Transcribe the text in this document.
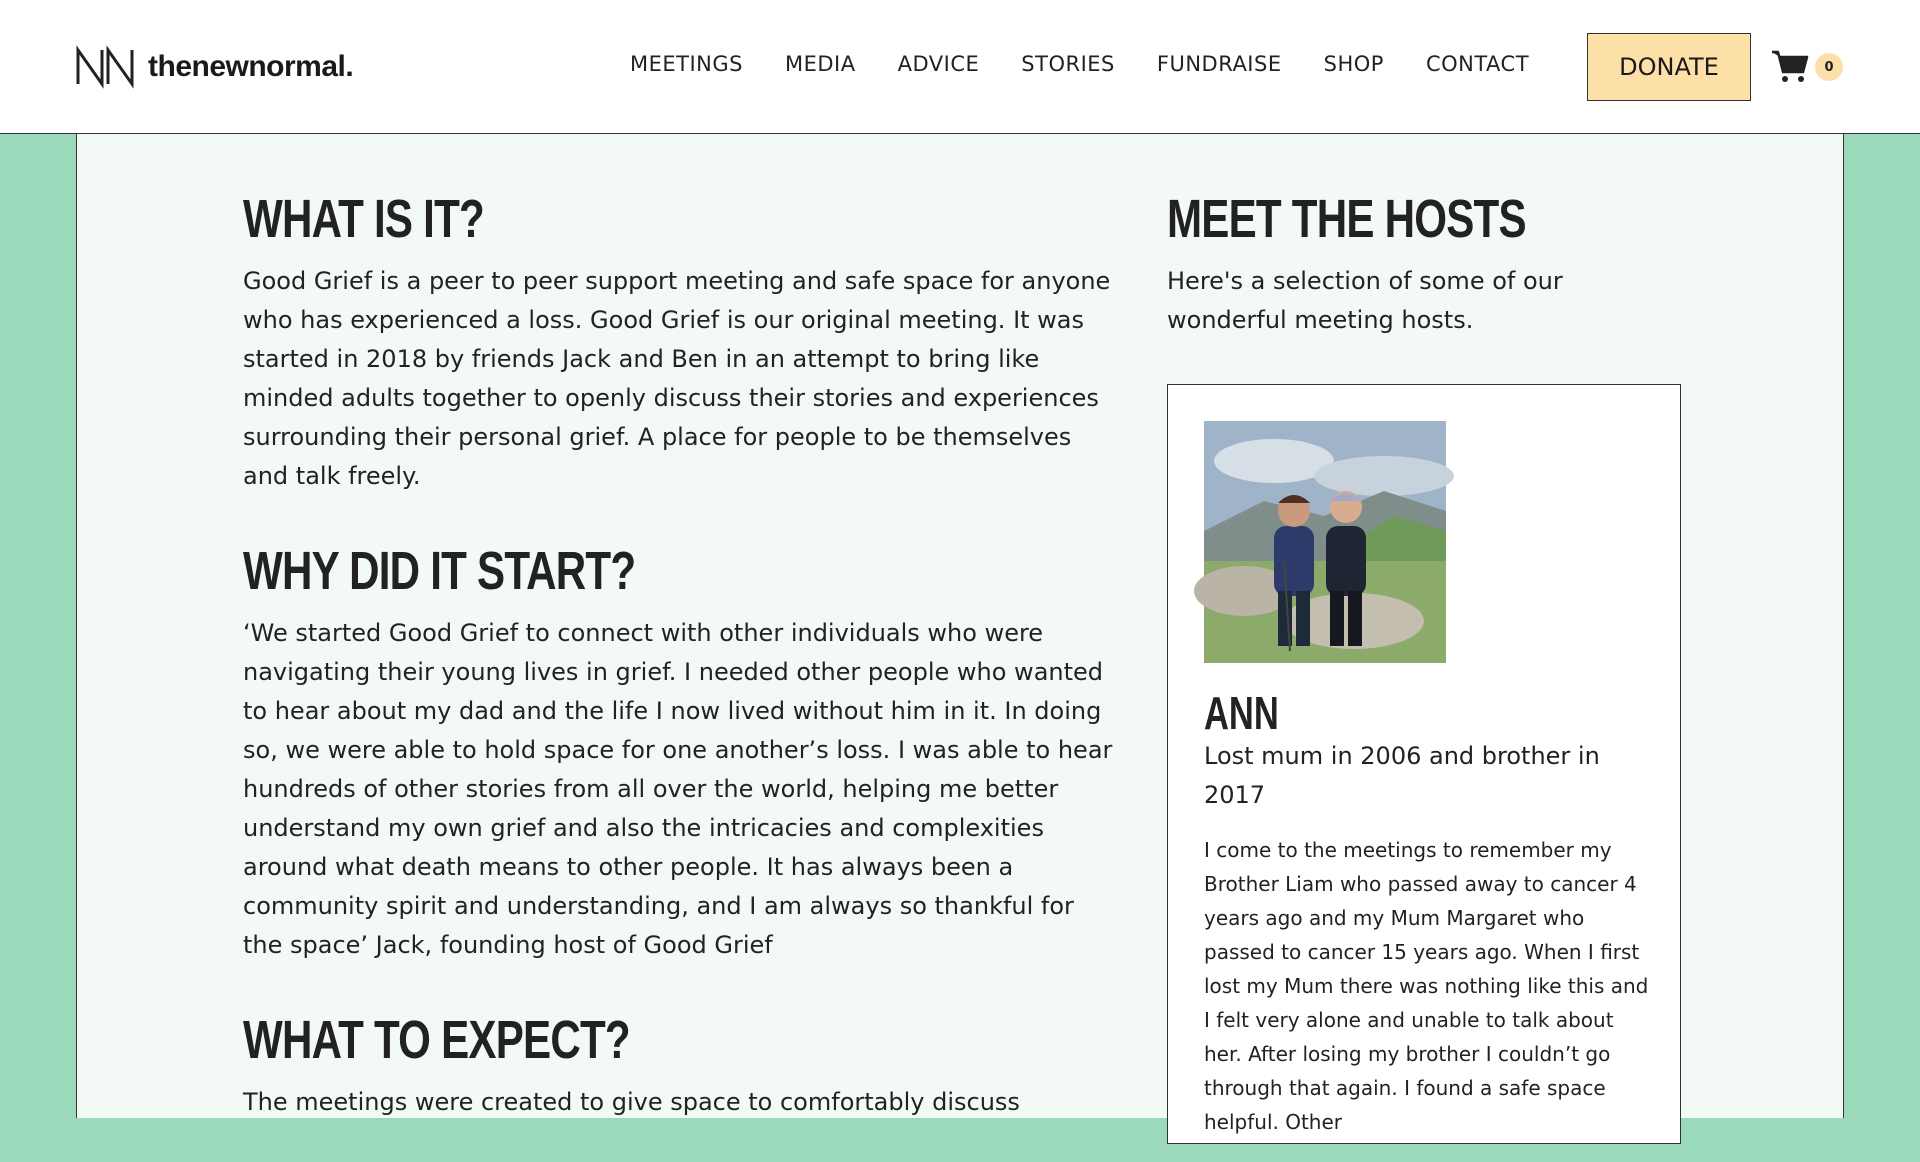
thenewnormal.	MEETINGS MEDIA ADVICE STORIES FUNDRAISE SHOP CONTACT	DONATE	0
WHAT IS IT?

Good Grief is a peer to peer support meeting and safe space for anyone who has experienced a loss. Good Grief is our original meeting. It was started in 2018 by friends Jack and Ben in an attempt to bring like minded adults together to openly discuss their stories and experiences surrounding their personal grief. A place for people to be themselves and talk freely.

WHY DID IT START?

‘We started Good Grief to connect with other individuals who were navigating their young lives in grief. I needed other people who wanted to hear about my dad and the life I now lived without him in it. In doing so, we were able to hold space for one another’s loss. I was able to hear hundreds of other stories from all over the world, helping me better understand my own grief and also the intricacies and complexities around what death means to other people. It has always been a community spirit and understanding, and I am always so thankful for the space’ Jack, founding host of Good Grief

WHAT TO EXPECT?

The meetings were created to give space to comfortably discuss

MEET THE HOSTS

Here's a selection of some of our wonderful meeting hosts.

ANN
Lost mum in 2006 and brother in 2017

I come to the meetings to remember my Brother Liam who passed away to cancer 4 years ago and my Mum Margaret who passed to cancer 15 years ago. When I first lost my Mum there was nothing like this and I felt very alone and unable to talk about her. After losing my brother I couldn’t go through that again. I found a safe space helpful. Other
